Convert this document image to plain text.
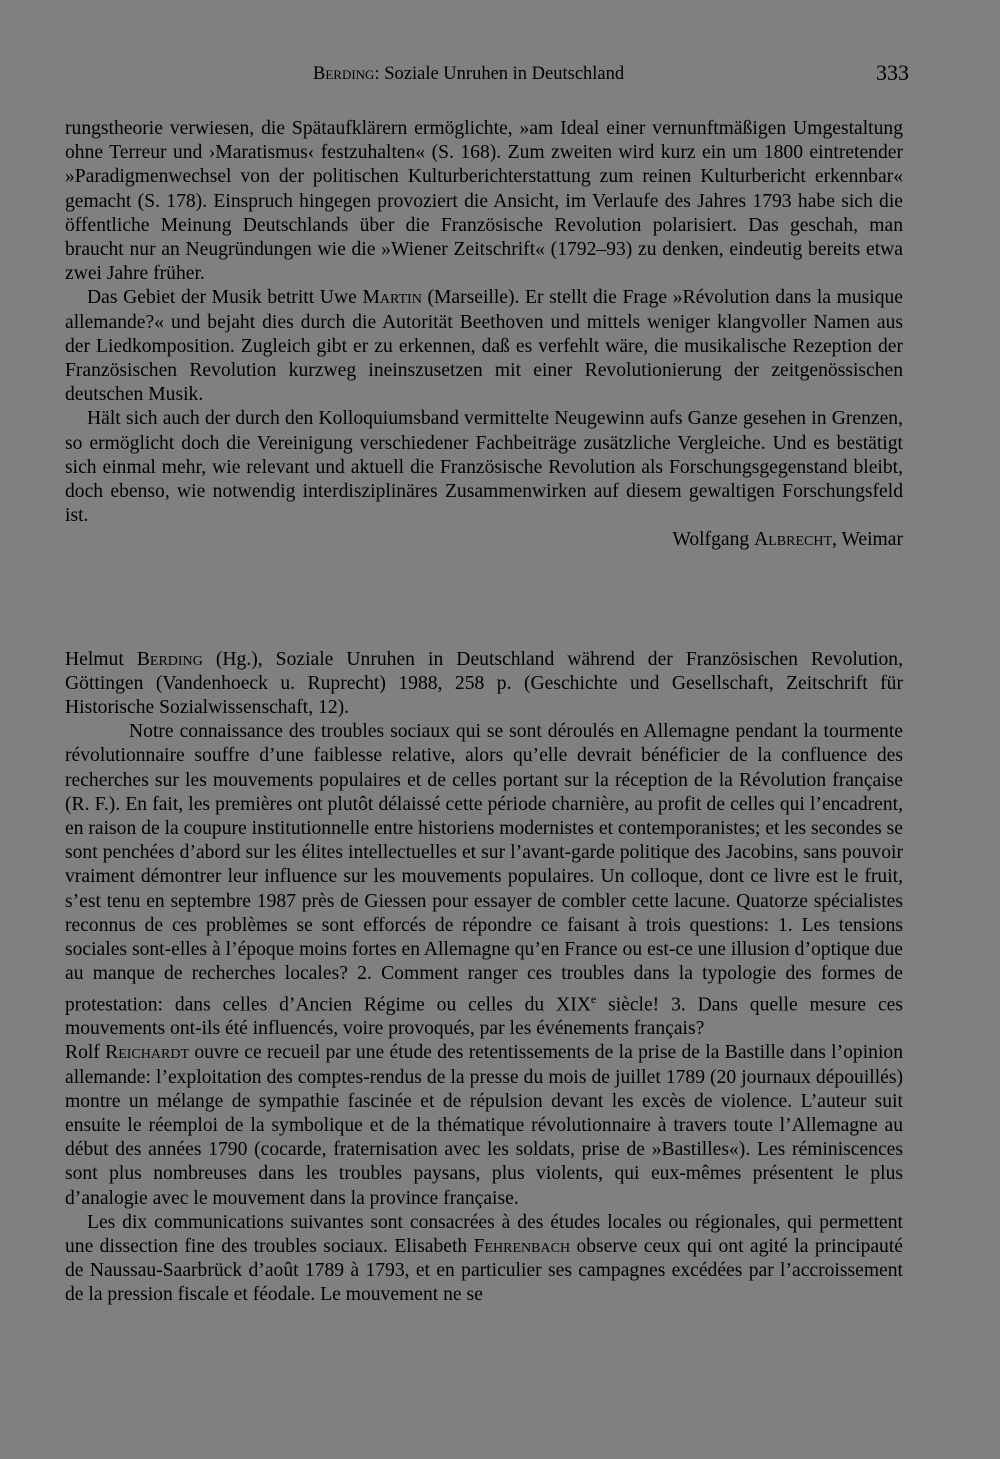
Berding: Soziale Unruhen in Deutschland	333

rungstheorie verwiesen, die Spätaufklärern ermöglichte, »am Ideal einer vernunftmäßigen Umgestaltung ohne Terreur und ›Maratismus‹ festzuhalten« (S. 168). Zum zweiten wird kurz ein um 1800 eintretender »Paradigmenwechsel von der politischen Kulturberichterstattung zum reinen Kulturbericht erkennbar« gemacht (S. 178). Einspruch hingegen provoziert die Ansicht, im Verlaufe des Jahres 1793 habe sich die öffentliche Meinung Deutschlands über die Französische Revolution polarisiert. Das geschah, man braucht nur an Neugründungen wie die »Wiener Zeitschrift« (1792–93) zu denken, eindeutig bereits etwa zwei Jahre früher.

Das Gebiet der Musik betritt Uwe Martin (Marseille). Er stellt die Frage »Révolution dans la musique allemande?« und bejaht dies durch die Autorität Beethoven und mittels weniger klangvoller Namen aus der Liedkomposition. Zugleich gibt er zu erkennen, daß es verfehlt wäre, die musikalische Rezeption der Französischen Revolution kurzweg ineinszusetzen mit einer Revolutionierung der zeitgenössischen deutschen Musik.

Hält sich auch der durch den Kolloquiumsband vermittelte Neugewinn aufs Ganze gesehen in Grenzen, so ermöglicht doch die Vereinigung verschiedener Fachbeiträge zusätzliche Vergleiche. Und es bestätigt sich einmal mehr, wie relevant und aktuell die Französische Revolution als Forschungsgegenstand bleibt, doch ebenso, wie notwendig interdisziplinäres Zusammenwirken auf diesem gewaltigen Forschungsfeld ist.

Wolfgang Albrecht, Weimar

Helmut Berding (Hg.), Soziale Unruhen in Deutschland während der Französischen Revolution, Göttingen (Vandenhoeck u. Ruprecht) 1988, 258 p. (Geschichte und Gesellschaft, Zeitschrift für Historische Sozialwissenschaft, 12).

Notre connaissance des troubles sociaux qui se sont déroulés en Allemagne pendant la tourmente révolutionnaire souffre d’une faiblesse relative, alors qu’elle devrait bénéficier de la confluence des recherches sur les mouvements populaires et de celles portant sur la réception de la Révolution française (R. F.). En fait, les premières ont plutôt délaissé cette période charnière, au profit de celles qui l’encadrent, en raison de la coupure institutionnelle entre historiens modernistes et contemporanistes; et les secondes se sont penchées d’abord sur les élites intellectuelles et sur l’avant-garde politique des Jacobins, sans pouvoir vraiment démontrer leur influence sur les mouvements populaires. Un colloque, dont ce livre est le fruit, s’est tenu en septembre 1987 près de Giessen pour essayer de combler cette lacune. Quatorze spécialistes reconnus de ces problèmes se sont efforcés de répondre ce faisant à trois questions: 1. Les tensions sociales sont-elles à l’époque moins fortes en Allemagne qu’en France ou est-ce une illusion d’optique due au manque de recherches locales? 2. Comment ranger ces troubles dans la typologie des formes de protestation: dans celles d’Ancien Régime ou celles du XIXe siècle! 3. Dans quelle mesure ces mouvements ont-ils été influencés, voire provoqués, par les événements français?

Rolf Reichardt ouvre ce recueil par une étude des retentissements de la prise de la Bastille dans l’opinion allemande: l’exploitation des comptes-rendus de la presse du mois de juillet 1789 (20 journaux dépouillés) montre un mélange de sympathie fascinée et de répulsion devant les excès de violence. L’auteur suit ensuite le réemploi de la symbolique et de la thématique révolutionnaire à travers toute l’Allemagne au début des années 1790 (cocarde, fraternisation avec les soldats, prise de »Bastilles«). Les réminiscences sont plus nombreuses dans les troubles paysans, plus violents, qui eux-mêmes présentent le plus d’analogie avec le mouvement dans la province française.

Les dix communications suivantes sont consacrées à des études locales ou régionales, qui permettent une dissection fine des troubles sociaux. Elisabeth Fehrenbach observe ceux qui ont agité la principauté de Naussau-Saarbrück d’août 1789 à 1793, et en particulier ses campagnes excédées par l’accroissement de la pression fiscale et féodale. Le mouvement ne se
